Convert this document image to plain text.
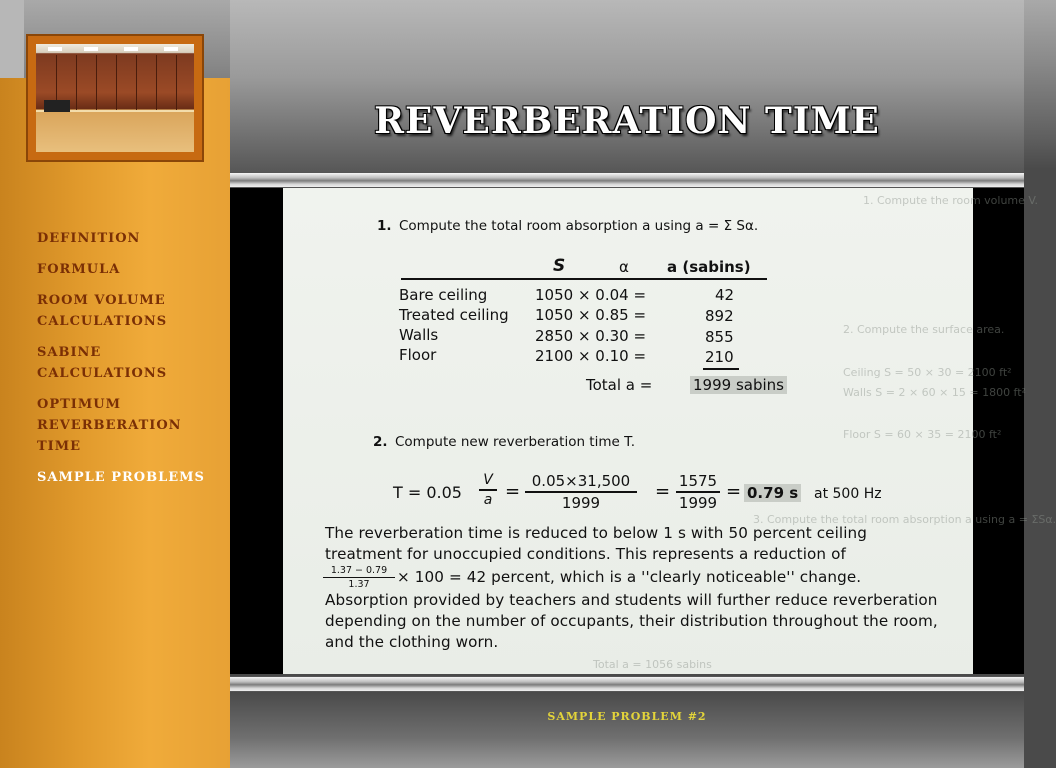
REVERBERATION TIME
1. Compute the room volume V.
2. Compute the surface area.
Ceiling S = 50 × 30 = 2100 ft²
Walls S = 2 × 60 × 15 = 1800 ft²
Floor S = 60 × 35 = 2100 ft²
3. Compute the total room absorption a using a = ΣSα.
Total a = 1056 sabins
1. Compute the total room absorption a using a = Σ Sα.
S	α	a (sabins)
Bare ceiling	1050 × 0.04 =	42
Treated ceiling 1050 × 0.85 =	892
Walls	2850 × 0.30 =	855
Floor	2100 × 0.10 =	210
Total a =	1999 sabins
2. Compute new reverberation time T.
T = 0.05
V
a = 0.05×31,500
1999
= 1575
1999
= 0.79 s at 500 Hz
The reverberation time is reduced to below 1 s with 50 percent ceiling
treatment for unoccupied conditions. This represents a reduction of
1.37 − 0.79
1.37	× 100 = 42 percent, which is a ''clearly noticeable'' change.
Absorption provided by teachers and students will further reduce reverberation
depending on the number of occupants, their distribution throughout the room,
and the clothing worn.
DEFINITION
FORMULA
ROOM VOLUME CALCULATIONS
SABINE CALCULATIONS
OPTIMUM REVERBERATION TIME
SAMPLE PROBLEMS
SAMPLE PROBLEM #2
